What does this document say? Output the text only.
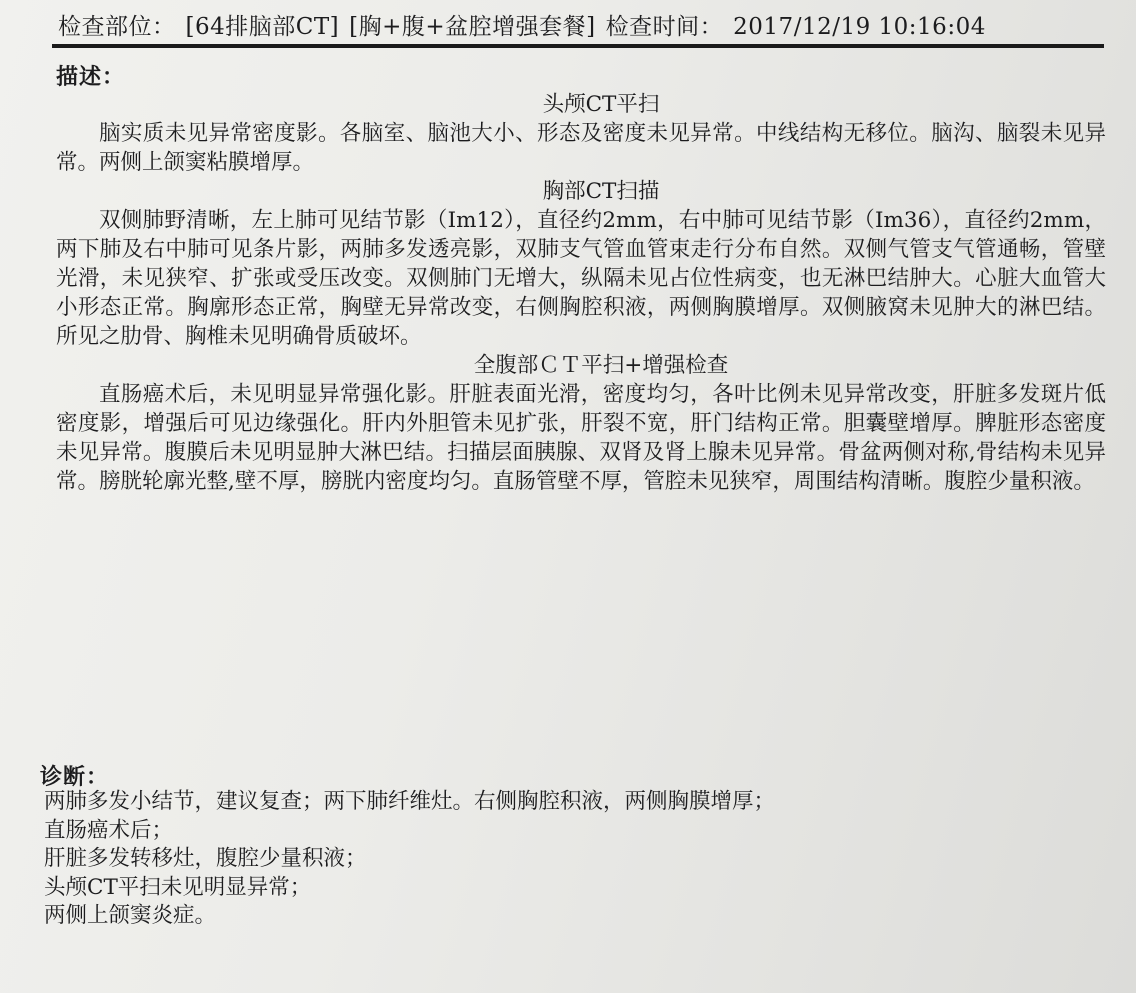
检查部位： [64排脑部CT] [胸+腹+盆腔增强套餐] 检查时间： 2017/12/19 10:16:04
描述：
头颅CT平扫
脑实质未见异常密度影。各脑室、脑池大小、形态及密度未见异常。中线结构无移位。脑沟、脑裂未见异常。两侧上颌窦粘膜增厚。
胸部CT扫描
双侧肺野清晰，左上肺可见结节影（Im12），直径约2mm，右中肺可见结节影（Im36），直径约2mm，两下肺及右中肺可见条片影，两肺多发透亮影，双肺支气管血管束走行分布自然。双侧气管支气管通畅，管壁光滑，未见狭窄、扩张或受压改变。双侧肺门无增大，纵隔未见占位性病变，也无淋巴结肿大。心脏大血管大小形态正常。胸廓形态正常，胸壁无异常改变，右侧胸腔积液，两侧胸膜增厚。双侧腋窝未见肿大的淋巴结。所见之肋骨、胸椎未见明确骨质破坏。
全腹部ＣＴ平扫+增强检查
直肠癌术后，未见明显异常强化影。肝脏表面光滑，密度均匀，各叶比例未见异常改变，肝脏多发斑片低密度影，增强后可见边缘强化。肝内外胆管未见扩张，肝裂不宽，肝门结构正常。胆囊壁增厚。脾脏形态密度未见异常。腹膜后未见明显肿大淋巴结。扫描层面胰腺、双肾及肾上腺未见异常。骨盆两侧对称,骨结构未见异常。膀胱轮廓光整,壁不厚，膀胱内密度均匀。直肠管壁不厚，管腔未见狭窄，周围结构清晰。腹腔少量积液。
诊断：
两肺多发小结节，建议复查；两下肺纤维灶。右侧胸腔积液，两侧胸膜增厚；
直肠癌术后；
肝脏多发转移灶，腹腔少量积液；
头颅CT平扫未见明显异常；
两侧上颌窦炎症。
